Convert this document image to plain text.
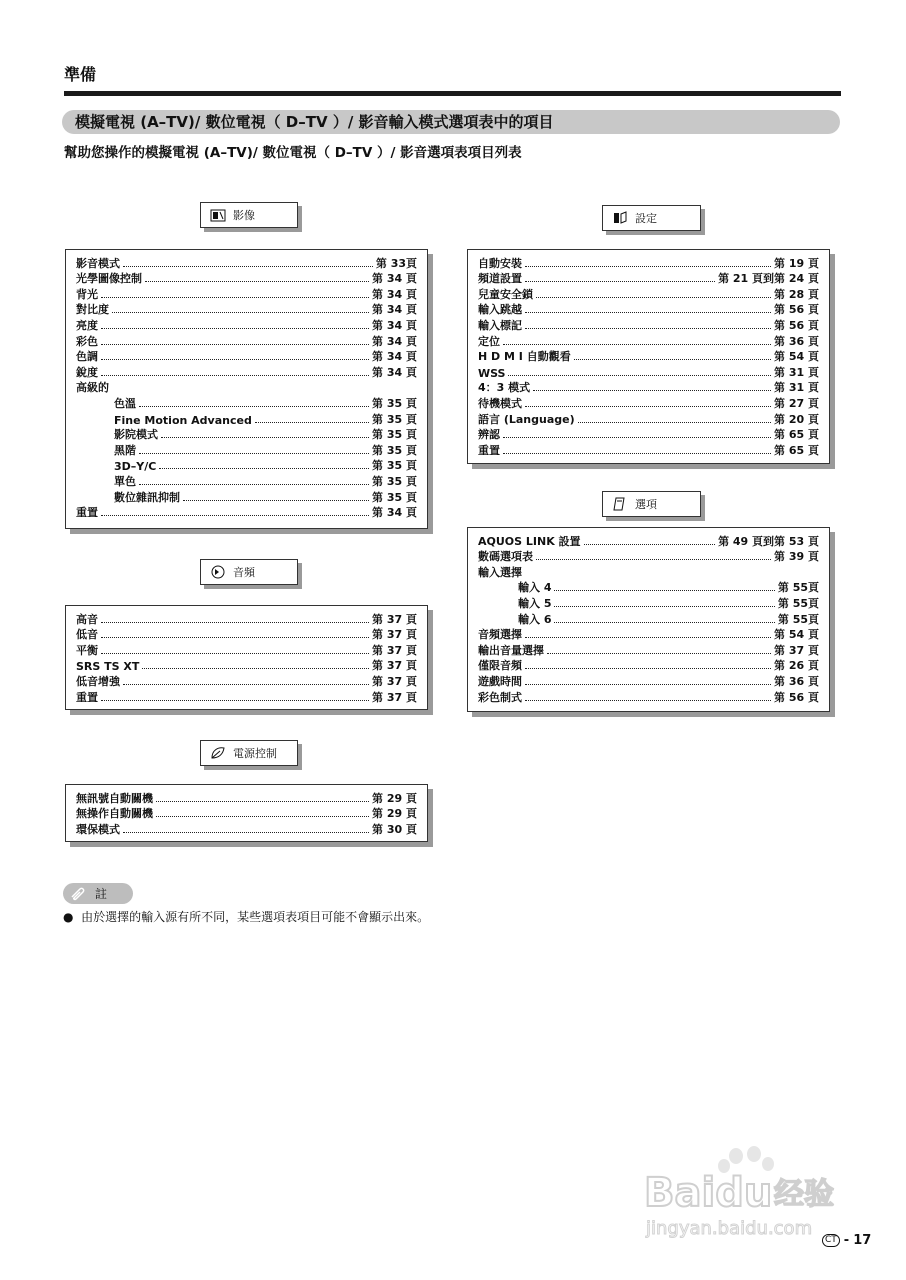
準備
模擬電視 (A–TV)/ 數位電視（ D–TV ）/ 影音輸入模式選項表中的項目
幫助您操作的模擬電視 (A–TV)/ 數位電視（ D–TV ）/ 影音選項表項目列表
影像
影音模式	第 33頁
光學圖像控制	第 34 頁
背光	第 34 頁
對比度	第 34 頁
亮度	第 34 頁
彩色	第 34 頁
色調	第 34 頁
銳度	第 34 頁
高級的
色溫	第 35 頁
Fine Motion Advanced	第 35 頁
影院模式	第 35 頁
黑階	第 35 頁
3D–Y/C	第 35 頁
單色	第 35 頁
數位雜訊抑制	第 35 頁
重置	第 34 頁
音頻
高音	第 37 頁
低音	第 37 頁
平衡	第 37 頁
SRS TS XT	第 37 頁
低音增強	第 37 頁
重置	第 37 頁
電源控制
無訊號自動關機	第 29 頁
無操作自動關機	第 29 頁
環保模式	第 30 頁
設定
自動安裝	第 19 頁
頻道設置	第 21 頁到第 24 頁
兒童安全鎖	第 28 頁
輸入跳越	第 56 頁
輸入標記	第 56 頁
定位	第 36 頁
H D M I 自動觀看	第 54 頁
WSS	第 31 頁
4：3 模式	第 31 頁
待機模式	第 27 頁
語言 (Language)	第 20 頁
辨認	第 65 頁
重置	第 65 頁
選項
AQUOS LINK 設置	第 49 頁到第 53 頁
數碼選項表	第 39 頁
輸入選擇
輸入 4	第 55頁
輸入 5	第 55頁
輸入 6	第 55頁
音頻選擇	第 54 頁
輸出音量選擇	第 37 頁
僅限音頻	第 26 頁
遊戲時間	第 36 頁
彩色制式	第 56 頁
註
●  由於選擇的輸入源有所不同，某些選項表項目可能不會顯示出來。
Baidu 经验
jingyan.baidu.com
CT - 17
